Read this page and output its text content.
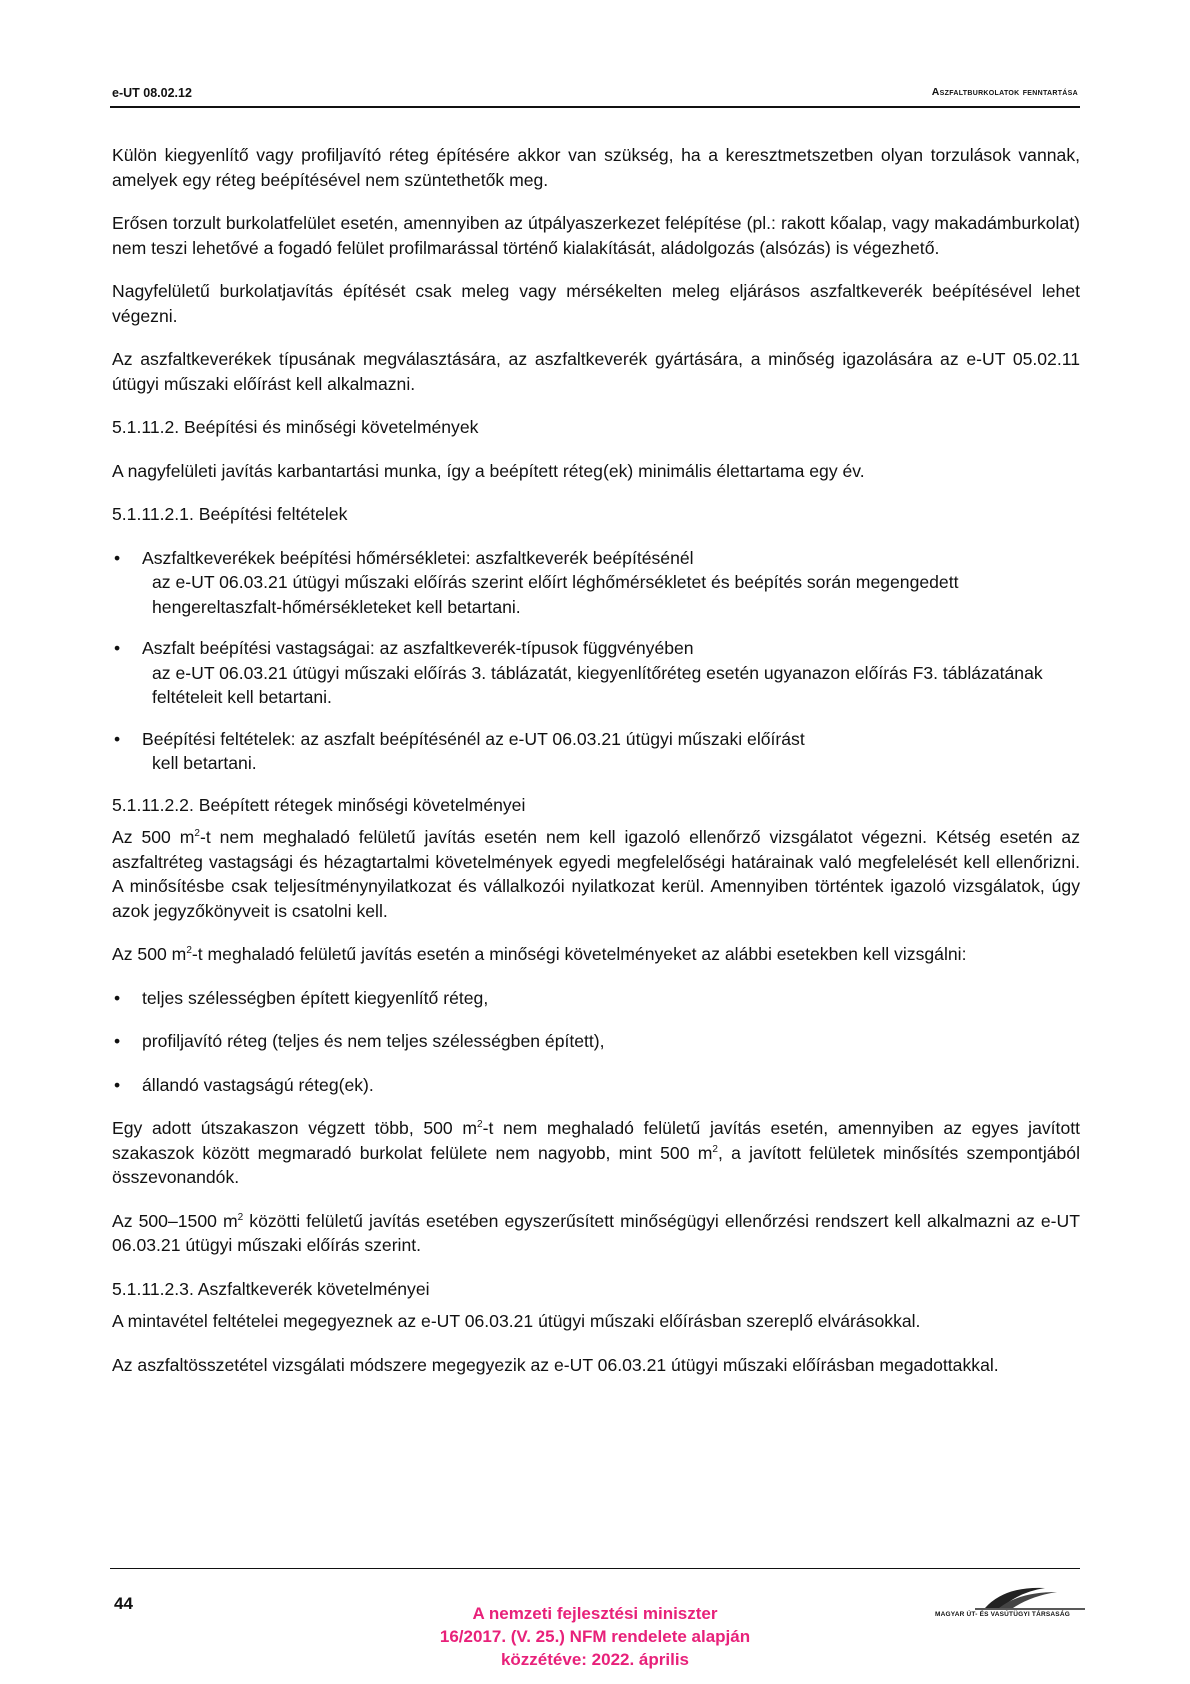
e-UT 08.02.12	Aszfaltburkolatok fenntartása

Külön kiegyenlítő vagy profiljavító réteg építésére akkor van szükség, ha a keresztmetszetben olyan torzulások vannak, amelyek egy réteg beépítésével nem szüntethetők meg.

Erősen torzult burkolatfelület esetén, amennyiben az útpályaszerkezet felépítése (pl.: rakott kőalap, vagy makadámburkolat) nem teszi lehetővé a fogadó felület profilmarással történő kialakítását, aládolgozás (alsózás) is végezhető.

Nagyfelületű burkolatjavítás építését csak meleg vagy mérsékelten meleg eljárásos aszfaltkeverék beépítésével lehet végezni.

Az aszfaltkeverékek típusának megválasztására, az aszfaltkeverék gyártására, a minőség igazolására az e-UT 05.02.11 útügyi műszaki előírást kell alkalmazni.

5.1.11.2. Beépítési és minőségi követelmények

A nagyfelületi javítás karbantartási munka, így a beépített réteg(ek) minimális élettartama egy év.

5.1.11.2.1. Beépítési feltételek

• Aszfaltkeverékek beépítési hőmérsékletei: aszfaltkeverék beépítésénél
az e-UT 06.03.21 útügyi műszaki előírás szerint előírt léghőmérsékletet és beépítés során megengedett hengereltaszfalt-hőmérsékleteket kell betartani.
• Aszfalt beépítési vastagságai: az aszfaltkeverék-típusok függvényében
az e-UT 06.03.21 útügyi műszaki előírás 3. táblázatát, kiegyenlítőréteg esetén ugyanazon előírás F3. táblázatának feltételeit kell betartani.
• Beépítési feltételek: az aszfalt beépítésénél az e-UT 06.03.21 útügyi műszaki előírást
kell betartani.

5.1.11.2.2. Beépített rétegek minőségi követelményei

Az 500 $m^2-t$ nem meghaladó felületű javítás esetén nem kell igazoló ellenőrző vizsgálatot végezni. Kétség esetén az aszfaltréteg vastagsági és hézagtartalmi követelmények egyedi megfelelőségi határainak való megfelelését kell ellenőrizni. A minősítésbe csak teljesítménynyilatkozat és vállalkozói nyilatkozat kerül. Amennyiben történtek igazoló vizsgálatok, úgy azok jegyzőkönyveit is csatolni kell.

Az 500 $m^2-t$ meghaladó felületű javítás esetén a minőségi követelményeket az alábbi esetekben kell vizsgálni:

• teljes szélességben épített kiegyenlítő réteg,
• profiljavító réteg (teljes és nem teljes szélességben épített),
• állandó vastagságú réteg(ek).

Egy adott útszakaszon végzett több, 500 $m^2-t$ nem meghaladó felületű javítás esetén, amennyiben az egyes javított szakaszok között megmaradó burkolat felülete nem nagyobb, mint 500 $m^2$, a javított felületek minősítés szempontjából összevonandók.

Az 500–1500 $m^2$ közötti felületű javítás esetében egyszerűsített minőségügyi ellenőrzési rendszert kell alkalmazni az e-UT 06.03.21 útügyi műszaki előírás szerint.

5.1.11.2.3. Aszfaltkeverék követelményei

A mintavétel feltételei megegyeznek az e-UT 06.03.21 útügyi műszaki előírásban szereplő elvárásokkal.

Az aszfaltösszetétel vizsgálati módszere megegyezik az e-UT 06.03.21 útügyi műszaki előírásban megadottakkal.

44
A nemzeti fejlesztési miniszter
16/2017. (V. 25.) NFM rendelete alapján
közzétéve: 2022. április
MAGYAR ÚT- ÉS VASÚTÜGYI TÁRSASÁG
